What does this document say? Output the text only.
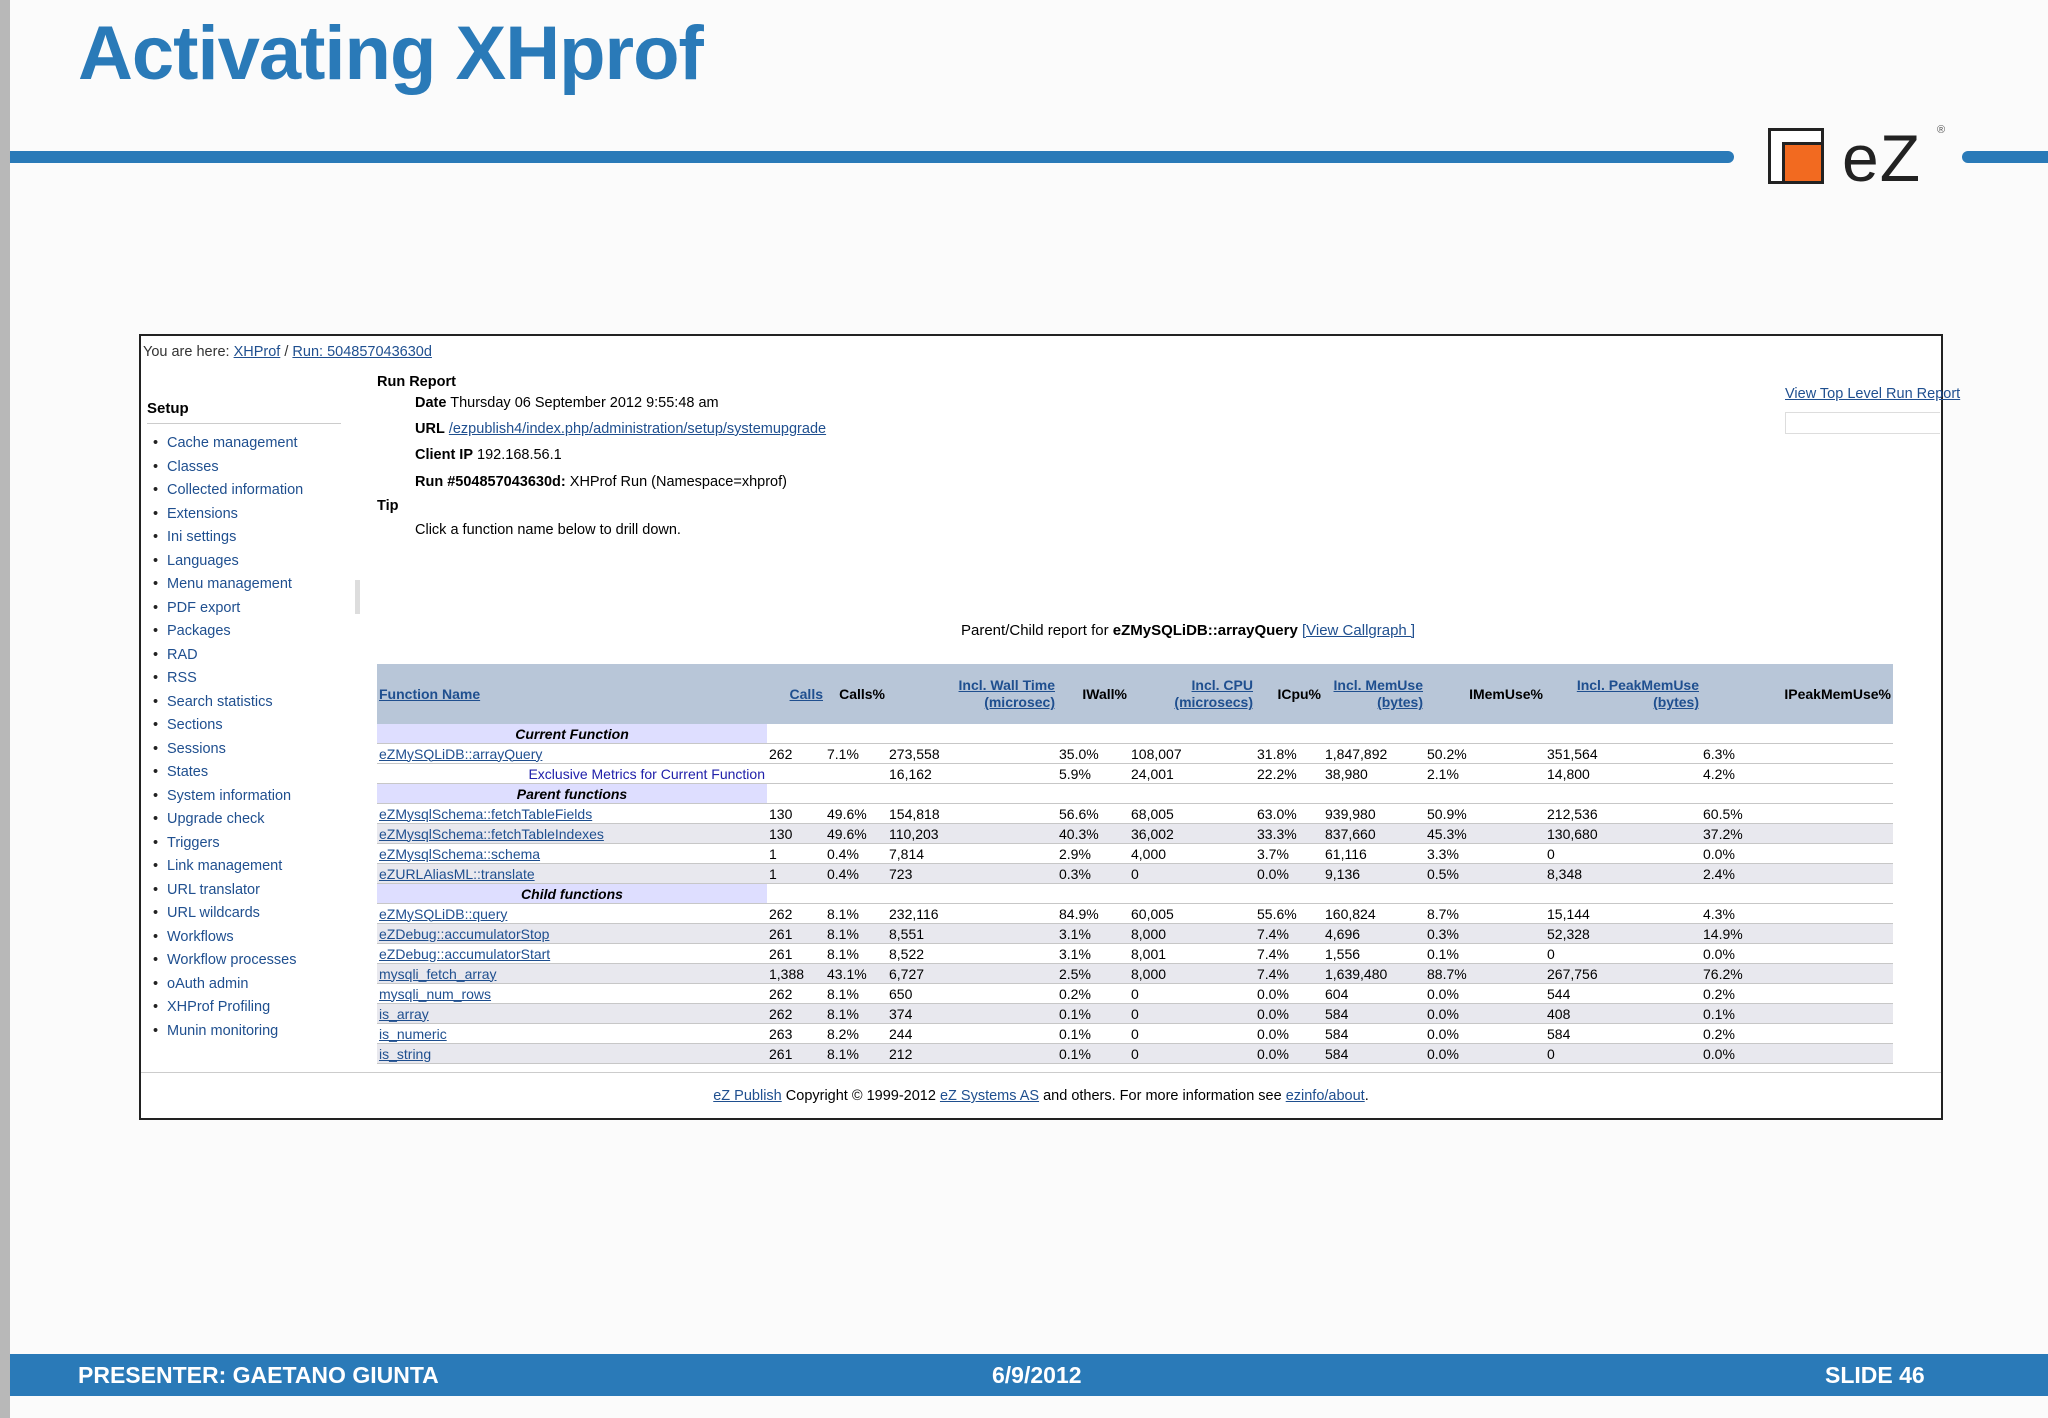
Activating XHprof
eZ ®
You are here: XHProf / Run: 504857043630d
Setup
• Cache management
• Classes
• Collected information
• Extensions
• Ini settings
• Languages
• Menu management
• PDF export
• Packages
• RAD
• RSS
• Search statistics
• Sections
• Sessions
• States
• System information
• Upgrade check
• Triggers
• Link management
• URL translator
• URL wildcards
• Workflows
• Workflow processes
• oAuth admin
• XHProf Profiling
• Munin monitoring
Run Report
Date Thursday 06 September 2012 9:55:48 am
URL /ezpublish4/index.php/administration/setup/systemupgrade
Client IP 192.168.56.1
Run #504857043630d: XHProf Run (Namespace=xhprof)
Tip
Click a function name below to drill down.
View Top Level Run Report
Parent/Child report for eZMySQLiDB::arrayQuery [View Callgraph ]
Function Name	Calls	Calls%	Incl. Wall Time (microsec)	IWall%	Incl. CPU (microsecs)	ICpu%	Incl. MemUse (bytes)	IMemUse%	Incl. PeakMemUse (bytes)	IPeakMemUse%
Current Function										
eZMySQLiDB::arrayQuery	262	7.1%	273,558	35.0%	108,007	31.8%	1,847,892	50.2%	351,564	6.3%
Exclusive Metrics for Current Function			16,162	5.9%	24,001	22.2%	38,980	2.1%	14,800	4.2%
Parent functions										
eZMysqlSchema::fetchTableFields	130	49.6%	154,818	56.6%	68,005	63.0%	939,980	50.9%	212,536	60.5%
eZMysqlSchema::fetchTableIndexes	130	49.6%	110,203	40.3%	36,002	33.3%	837,660	45.3%	130,680	37.2%
eZMysqlSchema::schema	1	0.4%	7,814	2.9%	4,000	3.7%	61,116	3.3%	0	0.0%
eZURLAliasML::translate	1	0.4%	723	0.3%	0	0.0%	9,136	0.5%	8,348	2.4%
Child functions										
eZMySQLiDB::query	262	8.1%	232,116	84.9%	60,005	55.6%	160,824	8.7%	15,144	4.3%
eZDebug::accumulatorStop	261	8.1%	8,551	3.1%	8,000	7.4%	4,696	0.3%	52,328	14.9%
eZDebug::accumulatorStart	261	8.1%	8,522	3.1%	8,001	7.4%	1,556	0.1%	0	0.0%
mysqli_fetch_array	1,388	43.1%	6,727	2.5%	8,000	7.4%	1,639,480	88.7%	267,756	76.2%
mysqli_num_rows	262	8.1%	650	0.2%	0	0.0%	604	0.0%	544	0.2%
is_array	262	8.1%	374	0.1%	0	0.0%	584	0.0%	408	0.1%
is_numeric	263	8.2%	244	0.1%	0	0.0%	584	0.0%	584	0.2%
is_string	261	8.1%	212	0.1%	0	0.0%	584	0.0%	0	0.0%
eZ Publish Copyright © 1999-2012 eZ Systems AS and others. For more information see ezinfo/about.
PRESENTER: GAETANO GIUNTA	6/9/2012	SLIDE 46
